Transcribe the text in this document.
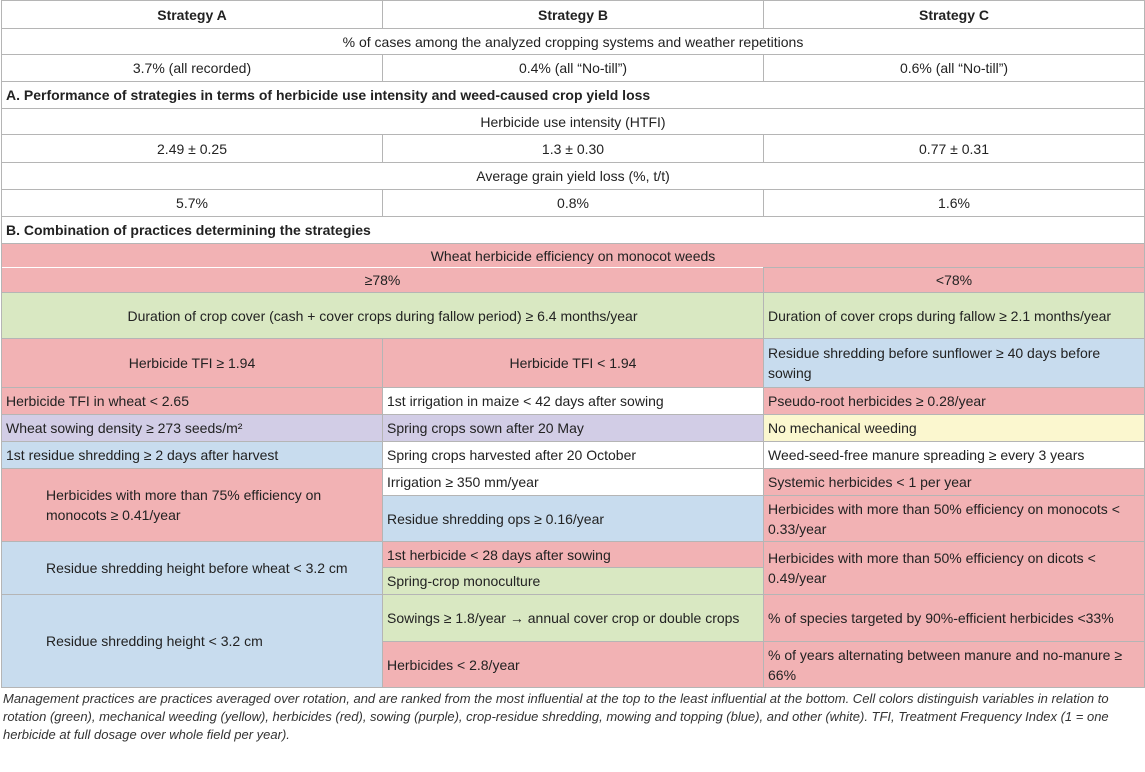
Strategy A	Strategy B	Strategy C
% of cases among the analyzed cropping systems and weather repetitions		
3.7% (all recorded)	0.4% (all “No-till”)	0.6% (all “No-till”)
A. Performance of strategies in terms of herbicide use intensity and weed-caused crop yield loss		
Herbicide use intensity (HTFI)		
2.49 ± 0.25	1.3 ± 0.30	0.77 ± 0.31
Average grain yield loss (%, t/t)		
5.7%	0.8%	1.6%
B. Combination of practices determining the strategies		
Wheat herbicide efficiency on monocot weeds		
≥78%		<78%
Duration of crop cover (cash + cover crops during fallow period) ≥ 6.4 months/year		Duration of cover crops during fallow ≥ 2.1 months/year
Herbicide TFI ≥ 1.94	Herbicide TFI < 1.94	Residue shredding before sunflower ≥ 40 days before sowing
Herbicide TFI in wheat < 2.65	1st irrigation in maize < 42 days after sowing	Pseudo-root herbicides ≥ 0.28/year
Wheat sowing density ≥ 273 seeds/m²	Spring crops sown after 20 May	No mechanical weeding
1st residue shredding ≥ 2 days after harvest	Spring crops harvested after 20 October	Weed-seed-free manure spreading ≥ every 3 years
Herbicides with more than 75% efficiency on monocots ≥ 0.41/year	Irrigation ≥ 350 mm/year	Systemic herbicides < 1 per year
	Residue shredding ops ≥ 0.16/year	Herbicides with more than 50% efficiency on monocots < 0.33/year
Residue shredding height before wheat < 3.2 cm	1st herbicide < 28 days after sowing	Herbicides with more than 50% efficiency on dicots < 0.49/year
	Spring-crop monoculture	
Residue shredding height < 3.2 cm	Sowings ≥ 1.8/year → annual cover crop or double crops	% of species targeted by 90%-efficient herbicides <33%
	Herbicides < 2.8/year	% of years alternating between manure and no-manure ≥ 66%

Management practices are practices averaged over rotation, and are ranked from the most influential at the top to the least influential at the bottom. Cell colors distinguish variables in relation to rotation (green), mechanical weeding (yellow), herbicides (red), sowing (purple), crop-residue shredding, mowing and topping (blue), and other (white). TFI, Treatment Frequency Index (1 = one herbicide at full dosage over whole field per year).
